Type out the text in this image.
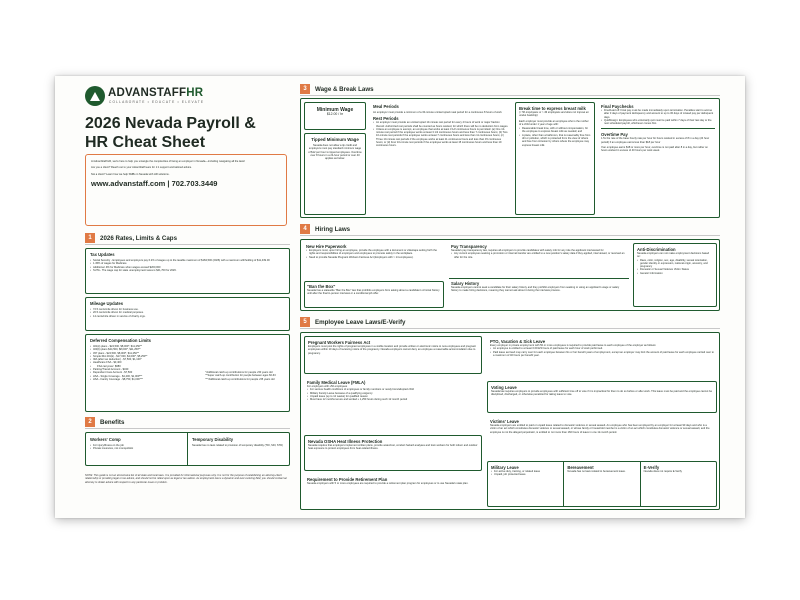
ADVANSTAFFHR
COLLABORATE • EDUCATE • ELEVATE
2026 Nevada Payroll & HR Cheat Sheet

At AdvanStaff HR, we're here to help you untangle the complexities of being an employer in Nevada—including navigating all the laws!

Are you a client? Reach out to your AdvanStaff team for 1:1 support and tailored advice.

Not a client? Learn how we help SMBs in Nevada with HR solutions.

www.advanstaff.com | 702.703.3449
1	2026 Rates, Limits & Caps
Tax Updates
• Social Security - Employees and employers pay 6.2% of wages up to the taxable maximum of $184,500 (2026) with a maximum withholding of $11,439.00
• 1.45% of wages for Medicare
• Additional .9% for Medicare when wages exceed $200,000
• SUTA - The wage cap for state unemployment taxes is $41,700 for 2026.
Mileage Updates
• 72.5 cents/mile driven for business use.
• 20.5 cents/mile driven for medical purposes.
• 14 cents/mile driven in service of charity orgs.
Deferred Compensation Limits
• 401(k) plans - $24,500, $8,000*, $11,250**
• 403(b) plans $24,500, $8,000*, $11,250**
• 457 plans - $24,500, $8,000*, $11,250**
• Simple IRA 401(k) - $17,000, $4,000*, $5,250**
• IRA (after tax deduction) - $7,500, $1,100*
• Healthcare FSA - $3,400
• FSA carryover: $680
• Parking/Transit Account - $340
• Dependent Care Account - $7,500
• HSA - Single Coverage - $4,400, $1,000***
• HSA - Family Coverage - $8,750, $1,000***
*Additional catch-up contributions for people ≥50 years old
**Super catch-up contribution for people between ages 60-63
***Additional catch-up contributions for people ≥55 years old
2	Benefits
Workers' Comp
• For injury/illness on the job
• Private insurance, not monopolistic
Temporary Disability
Nevada has no laws related to provision of temporary disability (TDI, SDI, STD)
NOTE: This guide is not an all-inclusive list of all state and local laws. It is provided for informational purposes only. It is not for the purpose of establishing an attorney-client relationship or providing legal or tax advice, and should not be relied upon as legal or tax advice. As employment law is a dynamic and ever evolving field, you should contact an attorney to obtain advice with respect to any particular issue or problem.
3	Wage & Break Laws
Minimum Wage
$12.00 / hr
Tipped Minimum Wage
Nevada does not allow a tip credit and employers must pay standard minimum wage of $12 per hour to tipped employees. Overtime over 8 hours in a 24-hour period or over 40 applies as below.
Meal Periods
An employer must provide a minimum of a 30-minute uninterrupted meal period for a continuous 8 hours of work
Rest Periods
• An employer must provide an uninterrupted 10-minute rest period for every 4 hours of work or major fraction thereof. Authorized rest periods shall be counted as hours worked, for which there will be no deduction from wages.
• Unless an employee is exempt, an employee that works at least 3 1/2 continuous hours is permitted: (a) One 10-minute rest period if the employee works at least 3 1/2 continuous hours and less than 7 continuous hours; (b) Two 10-minute rest periods if the employee works at least 7 continuous hours and less than 11 continuous hours; (c) Three 10-minute rest periods if the employee works at least 11 continuous hours and less than 15 continuous hours; or (d) Four 10-minute rest periods if the employee works at least 15 continuous hours and less than 19 continuous hours.
Break time to express breast milk
(< 50 employees or > 49 employees and does not impose an undue hardship)
Each employer must provide an employee who is the mother of a child under 1 year of age with:
• Reasonable break time, with or without compensation, for the employee to express breast milk as needed; and
• A place, other than a bathroom, that is reasonably free from dirt or pollution, which is protected from the view of others and free from intrusion by others where the employee may express breast milk.
Final Paychecks
• Fired/Laid off: Final pay must be made immediately upon termination. Penalties start to accrue after 3 days of payment delinquency and amount to up to 30 days of missed pay per delinquent days.
• Quit/Resign: Employees who voluntarily quit must be paid within 7 days of their last day or the next scheduled payroll, whichever comes first.
Overtime Pay
1.5x the rate of the base hourly rate per hour for hours worked in excess of 8 in a day (24 hour period) if an employee earns less than $18 per hour
If an employee earns $18 or more per hour, overtime is not paid after 8 in a day, but rather on hours worked in excess of 40 hours per work week.
4	Hiring Laws
New Hire Paperwork
• Employers must, upon hiring an employee, provide the employee with a document or videotape setting forth the rights and responsibilities of employers and employees to promote safety in the workplace.
• Need to provide Nevada Pregnant Workers Fairness Act (Employers with > 14 employees).
"Ban the Box"
Nevada has a statewide "Ban the Box" law that prohibits employers from asking about a candidate's criminal history until after the final in-person interview or a conditional job offer.
Pay Transparency
Nevada's pay transparency law, requires all employers to provide candidates with salary info for any role the applicant interviewed for
• Any current employees seeking a promotion or internal transfer are entitled to a new position's salary data if they applied, interviewed, or received an offer for the role.
Salary History
Nevada employers cannot seek a candidate for their salary history and they prohibit employers from seeking or using an applicant's wage or salary history to make hiring decisions, meaning they cannot ask about it during the interview process.
Anti-Discrimination
Nevada employers can not make employment decisions based on:
• Race, color, religion, sex, age, disability, sexual orientation, gender identity or expression, national origin, ancestry, and pregnancy
• Domestic or Sexual Violence Victim Status
• Genetic Information
5	Employee Leave Laws/E-Verify
Pregnant Workers Fairness Act
Employers must post the rights of pregnant employees in a visible location and provide written or electronic notice to new employees and pregnant employees within 10 days of receiving notice of the pregnancy. Nevada employers cannot deny an employee a reasonable accommodation due to pregnancy.
Family Medical Leave (FMLA)
For employers with ≥50 employees
• For serious health conditions of employees or family members or newly born/adopted child
• Military Family Leave because of a qualifying exigency
• Unpaid leave (up to 12 weeks) for qualified reason
• Must have 12 months tenure and worked ≥ 1,250 hours during such 12 month period
Nevada OSHA Heat Illness Protection
Nevada requires that employers implement written plans, provide water/rest, conduct hazard analyses and train workers for both indoor and outdoor heat exposure to protect employees from heat-related illness.
Requirement to Provide Retirement Plan
Nevada employers with 5 or more employees are required to provide a retirement plan program for employees or to use Nevada's state plan.
PTO, Vacation & Sick Leave
Every employer in private employment with 50 or more employees is required to provide paid leave to each employee of the employer as follows:
• An employee is entitled to at least 0.01923 hours of paid leave for each hour of work performed.
• Paid leave accrued may carry over for each employee between his or her benefit years of employment, except an employer may limit the amount of paid leave for each employee carried over to a maximum of 40 hours per benefit year.
Voting Leave
Nevada law requires employers to provide employees with sufficient time off to vote if it is impractical for them to do so before or after work. This leave must be paid and the employee cannot be disciplined, discharged, or otherwise penalized for taking leave to vote.
Victims' Leave
Nevada employers are entitled to paid or unpaid leave related to domestic violence or sexual assault. An employee who has been employed by an employer for at least 90 days and who is a victim of an act which constitutes domestic violence or sexual assault, or whose family or household member is a victim of an act which constitutes domestic violence or sexual assault, and the employee is not the alleged perpetrator, is entitled to not more than 160 hours of leave in one 12-month period.
Military Leave
• For active duty, training, or related leave
• Unpaid, job protected leave
Bereavement
Nevada has no laws related to bereavement leave.
E-Verify
Nevada does not require E-Verify
